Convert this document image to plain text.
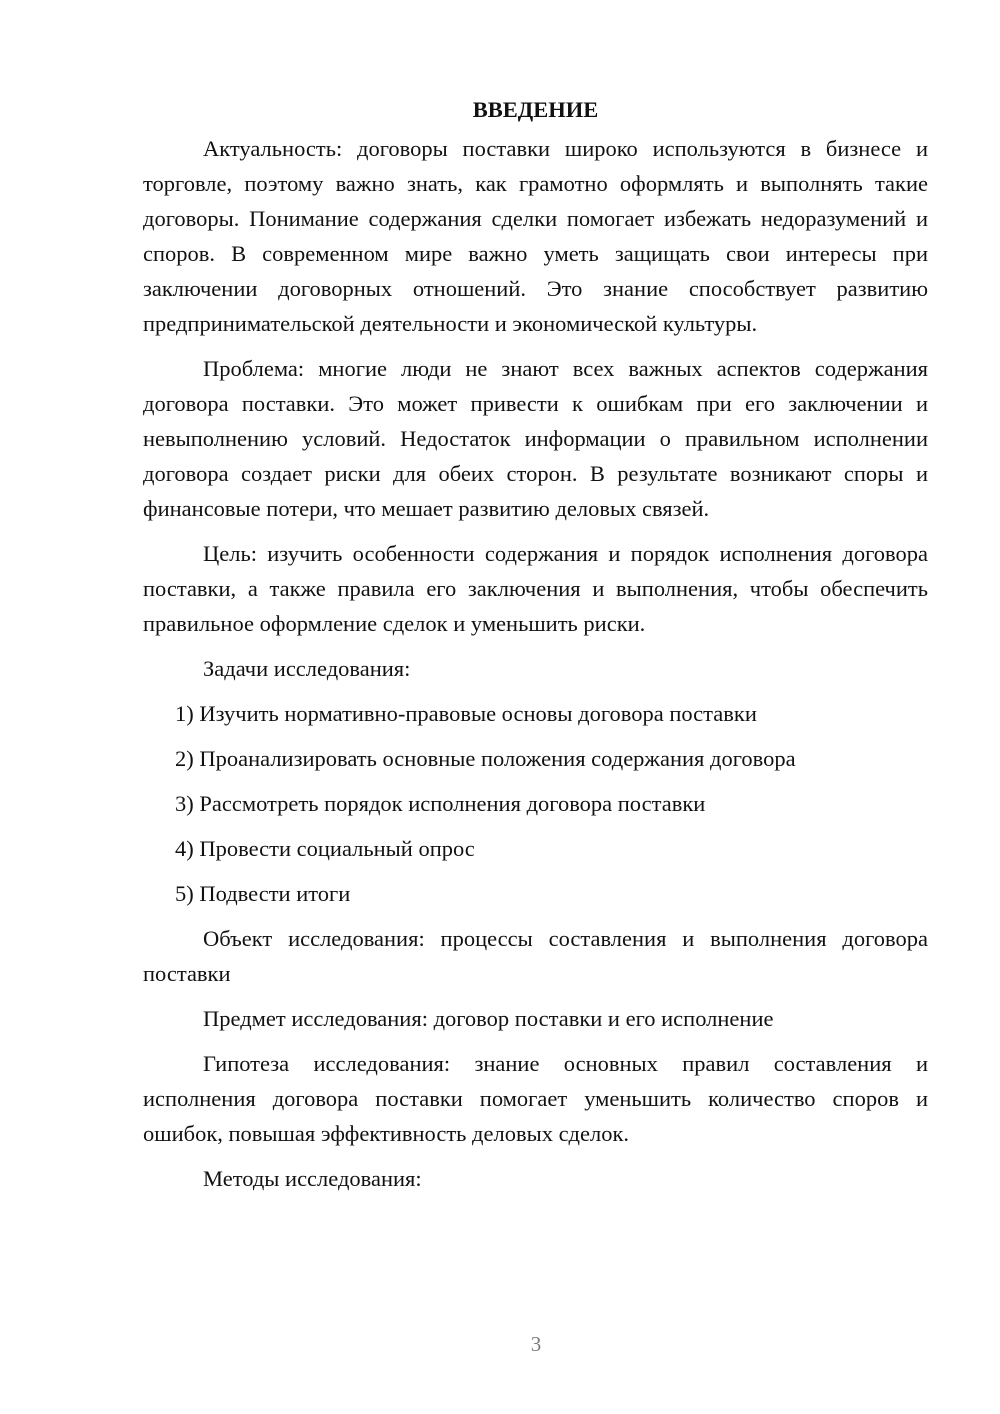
ВВЕДЕНИЕ

Актуальность: договоры поставки широко используются в бизнесе и торговле, поэтому важно знать, как грамотно оформлять и выполнять такие договоры. Понимание содержания сделки помогает избежать недоразумений и споров. В современном мире важно уметь защищать свои интересы при заключении договорных отношений. Это знание способствует развитию предпринимательской деятельности и экономической культуры.

Проблема: многие люди не знают всех важных аспектов содержания договора поставки. Это может привести к ошибкам при его заключении и невыполнению условий. Недостаток информации о правильном исполнении договора создает риски для обеих сторон. В результате возникают споры и финансовые потери, что мешает развитию деловых связей.

Цель: изучить особенности содержания и порядок исполнения договора поставки, а также правила его заключения и выполнения, чтобы обеспечить правильное оформление сделок и уменьшить риски.

Задачи исследования:

1) Изучить нормативно-правовые основы договора поставки
2) Проанализировать основные положения содержания договора
3) Рассмотреть порядок исполнения договора поставки
4) Провести социальный опрос
5) Подвести итоги

Объект исследования: процессы составления и выполнения договора поставки

Предмет исследования: договор поставки и его исполнение

Гипотеза исследования: знание основных правил составления и исполнения договора поставки помогает уменьшить количество споров и ошибок, повышая эффективность деловых сделок.

Методы исследования:

3
